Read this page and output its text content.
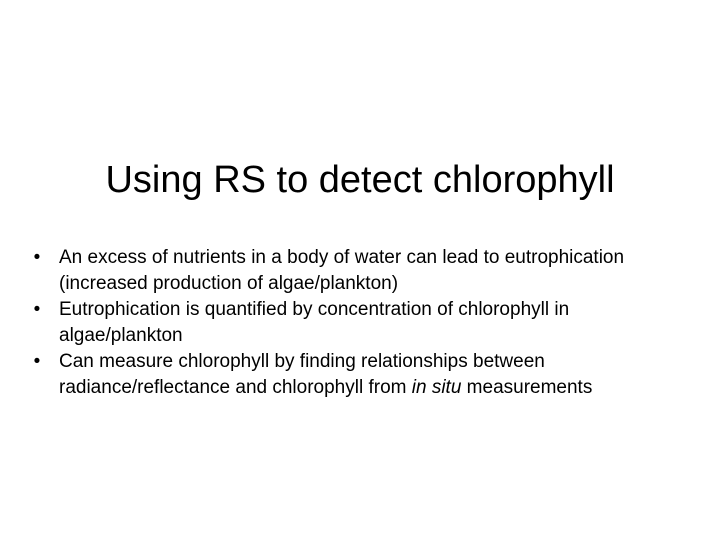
Using RS to detect chlorophyll
• An excess of nutrients in a body of water can lead to eutrophication (increased production of algae/plankton)
• Eutrophication is quantified by concentration of chlorophyll in algae/plankton
• Can measure chlorophyll by finding relationships between radiance/reflectance and chlorophyll from in situ measurements
